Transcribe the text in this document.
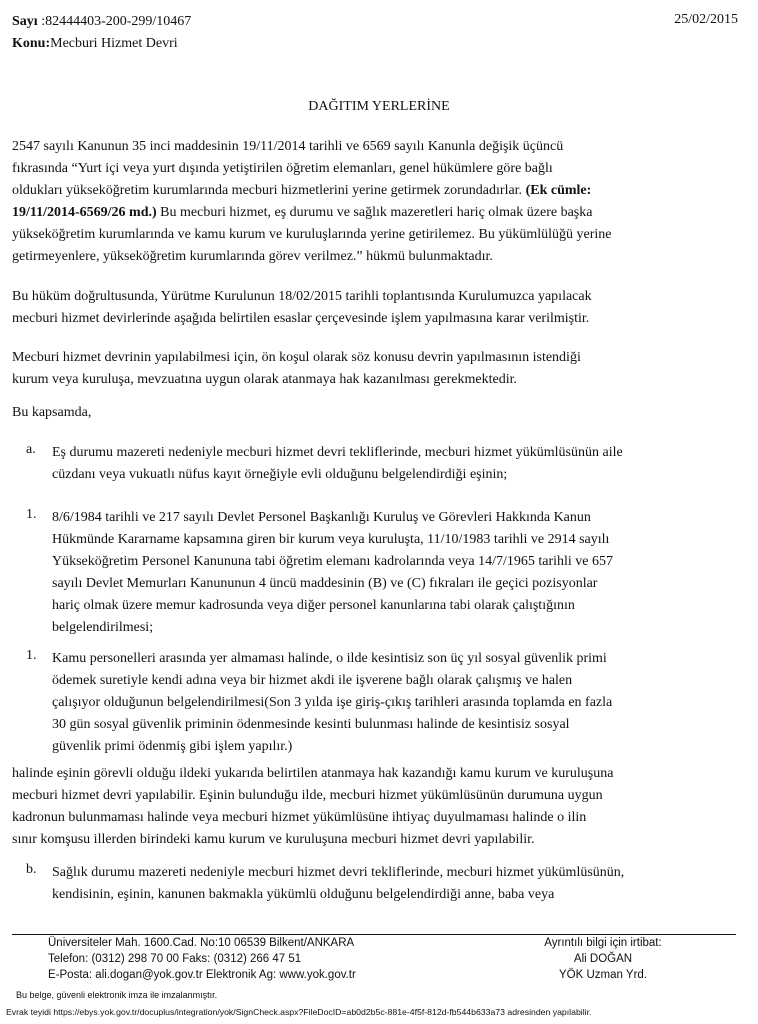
Sayı :82444403-200-299/10467
Konu:Mecburi Hizmet Devri
25/02/2015
DAĞITIM YERLERİNE
2547 sayılı Kanunun 35 inci maddesinin 19/11/2014 tarihli ve 6569 sayılı Kanunla değişik üçüncü
fıkrasında “Yurt içi veya yurt dışında yetiştirilen öğretim elemanları, genel hükümlere göre bağlı
oldukları yükseköğretim kurumlarında mecburi hizmetlerini yerine getirmek zorundadırlar. (Ek cümle:
19/11/2014-6569/26 md.) Bu mecburi hizmet, eş durumu ve sağlık mazeretleri hariç olmak üzere başka
yükseköğretim kurumlarında ve kamu kurum ve kuruluşlarında yerine getirilemez. Bu yükümlülüğü yerine
getirmeyenlere, yükseköğretim kurumlarında görev verilmez.” hükmü bulunmaktadır.
Bu hüküm doğrultusunda, Yürütme Kurulunun 18/02/2015 tarihli toplantısında Kurulumuzca yapılacak
mecburi hizmet devirlerinde aşağıda belirtilen esaslar çerçevesinde işlem yapılmasına karar verilmiştir.
Mecburi hizmet devrinin yapılabilmesi için, ön koşul olarak söz konusu devrin yapılmasının istendiği
kurum veya kuruluşa, mevzuatına uygun olarak atanmaya hak kazanılması gerekmektedir.
Bu kapsamda,
a. Eş durumu mazereti nedeniyle mecburi hizmet devri tekliflerinde, mecburi hizmet yükümlüsünün aile
cüzdanı veya vukuatlı nüfus kayıt örneğiyle evli olduğunu belgelendirdiği eşinin;
1. 8/6/1984 tarihli ve 217 sayılı Devlet Personel Başkanlığı Kuruluş ve Görevleri Hakkında Kanun
Hükmünde Kararname kapsamına giren bir kurum veya kuruluşta, 11/10/1983 tarihli ve 2914 sayılı
Yükseköğretim Personel Kanununa tabi öğretim elemanı kadrolarında veya 14/7/1965 tarihli ve 657
sayılı Devlet Memurları Kanununun 4 üncü maddesinin (B) ve (C) fıkraları ile geçici pozisyonlar
hariç olmak üzere memur kadrosunda veya diğer personel kanunlarına tabi olarak çalıştığının
belgelendirilmesi;
1. Kamu personelleri arasında yer almaması halinde, o ilde kesintisiz son üç yıl sosyal güvenlik primi
ödemek suretiyle kendi adına veya bir hizmet akdi ile işverene bağlı olarak çalışmış ve halen
çalışıyor olduğunun belgelendirilmesi(Son 3 yılda işe giriş-çıkış tarihleri arasında toplamda en fazla
30 gün sosyal güvenlik priminin ödenmesinde kesinti bulunması halinde de kesintisiz sosyal
güvenlik primi ödenmiş gibi işlem yapılır.)
halinde eşinin görevli olduğu ildeki yukarıda belirtilen atanmaya hak kazandığı kamu kurum ve kuruluşuna
mecburi hizmet devri yapılabilir. Eşinin bulunduğu ilde, mecburi hizmet yükümlüsünün durumuna uygun
kadronun bulunmaması halinde veya mecburi hizmet yükümlüsüne ihtiyaç duyulmaması halinde o ilin
sınır komşusu illerden birindeki kamu kurum ve kuruluşuna mecburi hizmet devri yapılabilir.
b. Sağlık durumu mazereti nedeniyle mecburi hizmet devri tekliflerinde, mecburi hizmet yükümlüsünün,
kendisinin, eşinin, kanunen bakmakla yükümlü olduğunu belgelendirdiği anne, baba veya
Üniversiteler Mah. 1600.Cad. No:10 06539 Bilkent/ANKARA
Telefon: (0312) 298 70 00 Faks: (0312) 266 47 51
E-Posta: ali.dogan@yok.gov.tr Elektronik Ag: www.yok.gov.tr
Ayrıntılı bilgi için irtibat:
Ali DOĞAN
YÖK Uzman Yrd.
Bu belge, güvenli elektronik imza ile imzalanmıştır.
Evrak teyidi https://ebys.yok.gov.tr/docuplus/integration/yok/SignCheck.aspx?FileDocID=ab0d2b5c-881e-4f5f-812d-fb544b633a73 adresinden yapılabilir.
